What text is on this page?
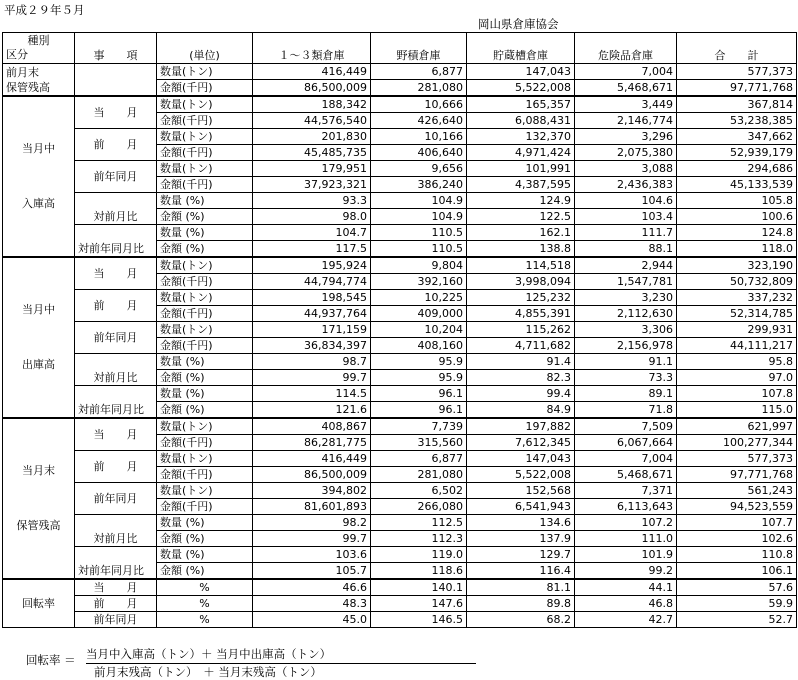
平成２９年５月
岡山県倉庫協会
種別
区分	事　　項	(単位)	１～３類倉庫	野積倉庫	貯蔵槽倉庫	危険品倉庫	合　　計

前月末
保管残高		数量(トン)	416,449	6,877	147,043	7,004	577,373
		金額(千円)	86,500,009	281,080	5,522,008	5,468,671	97,771,768

当月中
入庫高	当　　月	数量(トン)	188,342	10,666	165,357	3,449	367,814
		金額(千円)	44,576,540	426,640	6,088,431	2,146,774	53,238,385
	前　　月	数量(トン)	201,830	10,166	132,370	3,296	347,662
		金額(千円)	45,485,735	406,640	4,971,424	2,075,380	52,939,179
	前年同月	数量(トン)	179,951	9,656	101,991	3,088	294,686
		金額(千円)	37,923,321	386,240	4,387,595	2,436,383	45,133,539
	対前月比	数量 (%)	93.3	104.9	124.9	104.6	105.8
		金額 (%)	98.0	104.9	122.5	103.4	100.6
	対前年同月比	数量 (%)	104.7	110.5	162.1	111.7	124.8
		金額 (%)	117.5	110.5	138.8	88.1	118.0

当月中
出庫高	当　　月	数量(トン)	195,924	9,804	114,518	2,944	323,190
		金額(千円)	44,794,774	392,160	3,998,094	1,547,781	50,732,809
	前　　月	数量(トン)	198,545	10,225	125,232	3,230	337,232
		金額(千円)	44,937,764	409,000	4,855,391	2,112,630	52,314,785
	前年同月	数量(トン)	171,159	10,204	115,262	3,306	299,931
		金額(千円)	36,834,397	408,160	4,711,682	2,156,978	44,111,217
	対前月比	数量 (%)	98.7	95.9	91.4	91.1	95.8
		金額 (%)	99.7	95.9	82.3	73.3	97.0
	対前年同月比	数量 (%)	114.5	96.1	99.4	89.1	107.8
		金額 (%)	121.6	96.1	84.9	71.8	115.0

当月末
保管残高	当　　月	数量(トン)	408,867	7,739	197,882	7,509	621,997
		金額(千円)	86,281,775	315,560	7,612,345	6,067,664	100,277,344
	前　　月	数量(トン)	416,449	6,877	147,043	7,004	577,373
		金額(千円)	86,500,009	281,080	5,522,008	5,468,671	97,771,768
	前年同月	数量(トン)	394,802	6,502	152,568	7,371	561,243
		金額(千円)	81,601,893	266,080	6,541,943	6,113,643	94,523,559
	対前月比	数量 (%)	98.2	112.5	134.6	107.2	107.7
		金額 (%)	99.7	112.3	137.9	111.0	102.6
	対前年同月比	数量 (%)	103.6	119.0	129.7	101.9	110.8
		金額 (%)	105.7	118.6	116.4	99.2	106.1
回転率	当　　月	%	46.6	140.1	81.1	44.1	57.6
	前　　月	%	48.3	147.6	89.8	46.8	59.9
	前年同月	%	45.0	146.5	68.2	42.7	52.7
回転率 ＝ 当月中入庫高（トン）＋ 当月中出庫高（トン）
前月末残高（トン）　＋ 当月末残高（トン）
